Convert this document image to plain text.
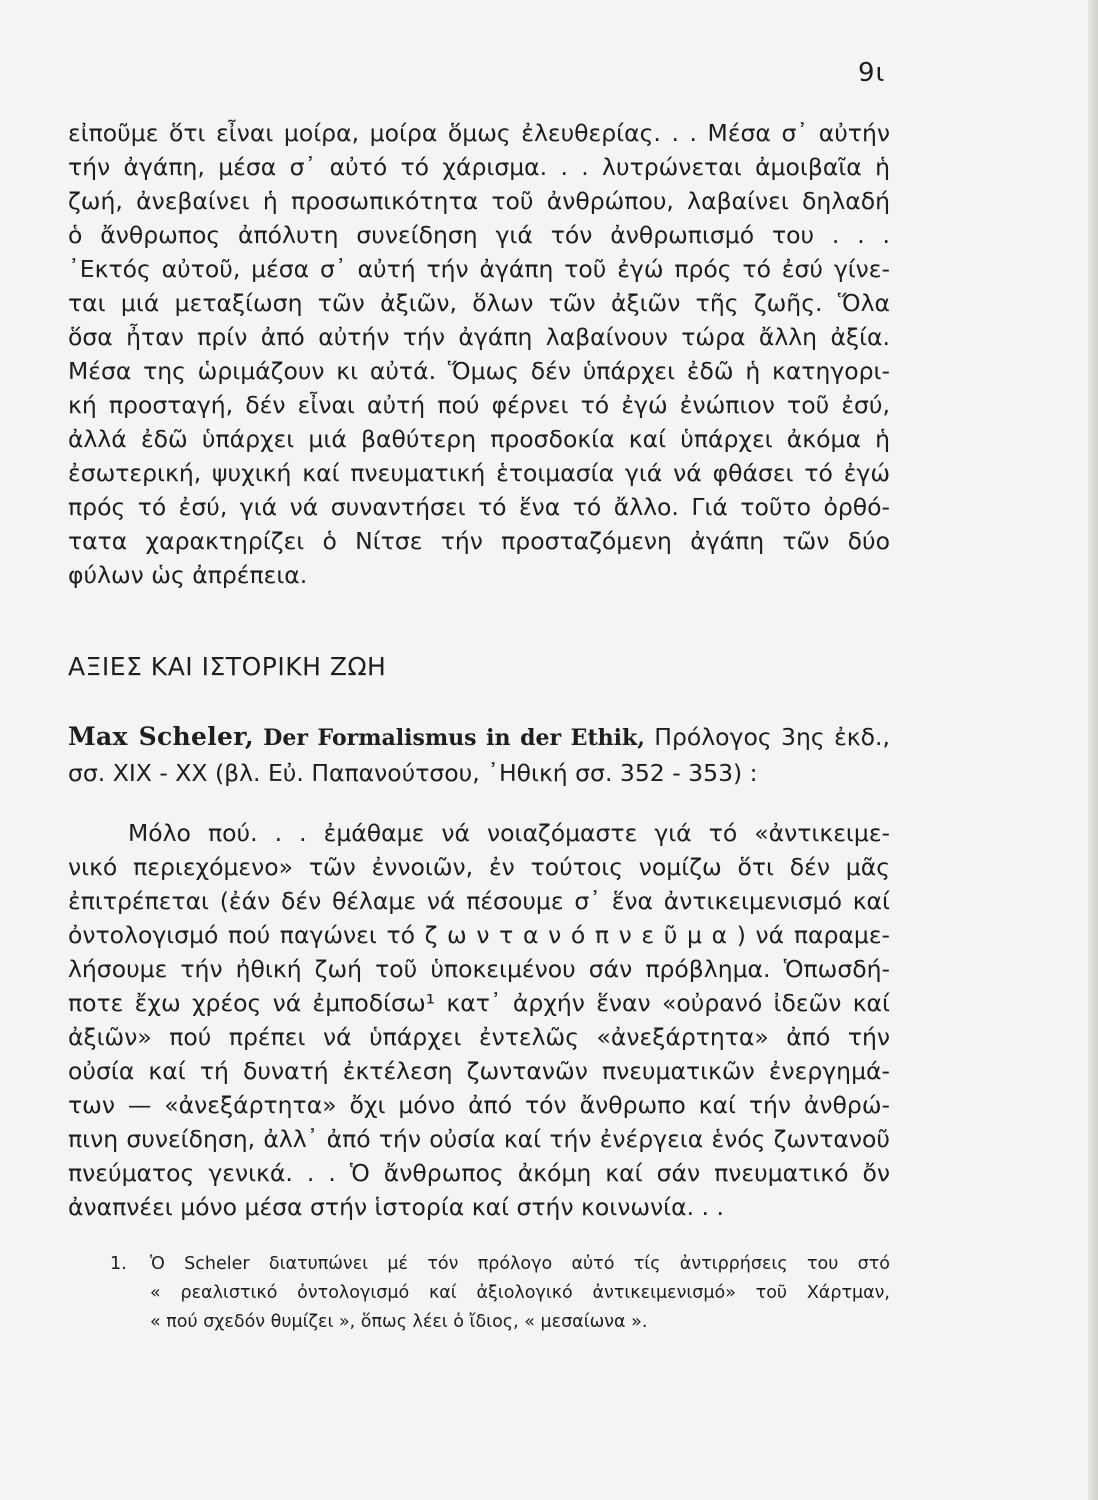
9ι
εἰποῦμε ὅτι εἶναι μοίρα, μοίρα ὅμως ἐλευθερίας. . . Μέσα σ᾽ αὐτήν
τήν ἀγάπη, μέσα σ᾽ αὐτό τό χάρισμα. . . λυτρώνεται ἀμοιβαῖα ἡ
ζωή, ἀνεβαίνει ἡ προσωπικότητα τοῦ ἀνθρώπου, λαβαίνει δηλαδή
ὁ ἄνθρωπος ἀπόλυτη συνείδηση γιά τόν ἀνθρωπισμό του . . .
᾿Εκτός αὐτοῦ, μέσα σ᾽ αὐτή τήν ἀγάπη τοῦ ἐγώ πρός τό ἐσύ γίνε-
ται μιά μεταξίωση τῶν ἀξιῶν, ὅλων τῶν ἀξιῶν τῆς ζωῆς. Ὅλα
ὅσα ἦταν πρίν ἀπό αὐτήν τήν ἀγάπη λαβαίνουν τώρα ἄλλη ἀξία.
Μέσα της ὡριμάζουν κι αὐτά. Ὅμως δέν ὑπάρχει ἐδῶ ἡ κατηγορι-
κή προσταγή, δέν εἶναι αὐτή πού φέρνει τό ἐγώ ἐνώπιον τοῦ ἐσύ,
ἀλλά ἐδῶ ὑπάρχει μιά βαθύτερη προσδοκία καί ὑπάρχει ἀκόμα ἡ
ἐσωτερική, ψυχική καί πνευματική ἑτοιμασία γιά νά φθάσει τό ἐγώ
πρός τό ἐσύ, γιά νά συναντήσει τό ἕνα τό ἄλλο. Γιά τοῦτο ὀρθό-
τατα χαρακτηρίζει ὁ Νίτσε τήν προσταζόμενη ἀγάπη τῶν δύο
φύλων ὡς ἀπρέπεια.
ΑΞΙΕΣ ΚΑΙ ΙΣΤΟΡΙΚΗ ΖΩΗ
Max Scheler, Der Formalismus in der Ethik, Πρόλογος 3ης ἐκδ.,
σσ. XIX - XX (βλ. Εὐ. Παπανούτσου, ᾿Ηθική σσ. 352 - 353) :
Μόλο πού. . . ἐμάθαμε νά νοιαζόμαστε γιά τό «ἀντικειμε-
νικό περιεχόμενο» τῶν ἐννοιῶν, ἐν τούτοις νομίζω ὅτι δέν μᾶς
ἐπιτρέπεται (ἐάν δέν θέλαμε νά πέσουμε σ᾽ ἕνα ἀντικειμενισμό καί
ὀντολογισμό πού παγώνει τό ζ ω ν τ α ν ό π ν ε ῦ μ α ) νά παραμε-
λήσουμε τήν ἠθική ζωή τοῦ ὑποκειμένου σάν πρόβλημα. Ὁπωσδή-
ποτε ἔχω χρέος νά ἐμποδίσω¹ κατ᾽ ἀρχήν ἕναν «οὐρανό ἰδεῶν καί
ἀξιῶν» πού πρέπει νά ὑπάρχει ἐντελῶς «ἀνεξάρτητα» ἀπό τήν
οὐσία καί τή δυνατή ἐκτέλεση ζωντανῶν πνευματικῶν ἐνεργημά-
των — «ἀνεξάρτητα» ὄχι μόνο ἀπό τόν ἄνθρωπο καί τήν ἀνθρώ-
πινη συνείδηση, ἀλλ᾽ ἀπό τήν οὐσία καί τήν ἐνέργεια ἑνός ζωντανοῦ
πνεύματος γενικά. . . Ὁ ἄνθρωπος ἀκόμη καί σάν πνευματικό ὄν
ἀναπνέει μόνο μέσα στήν ἱστορία καί στήν κοινωνία. . .
1. Ὁ Scheler διατυπώνει μέ τόν πρόλογο αὐτό τίς ἀντιρρήσεις του στό
« ρεαλιστικό ὀντολογισμό καί ἀξιολογικό ἀντικειμενισμό» τοῦ Χάρτμαν,
« πού σχεδόν θυμίζει », ὅπως λέει ὁ ἴδιος, « μεσαίωνα ».
